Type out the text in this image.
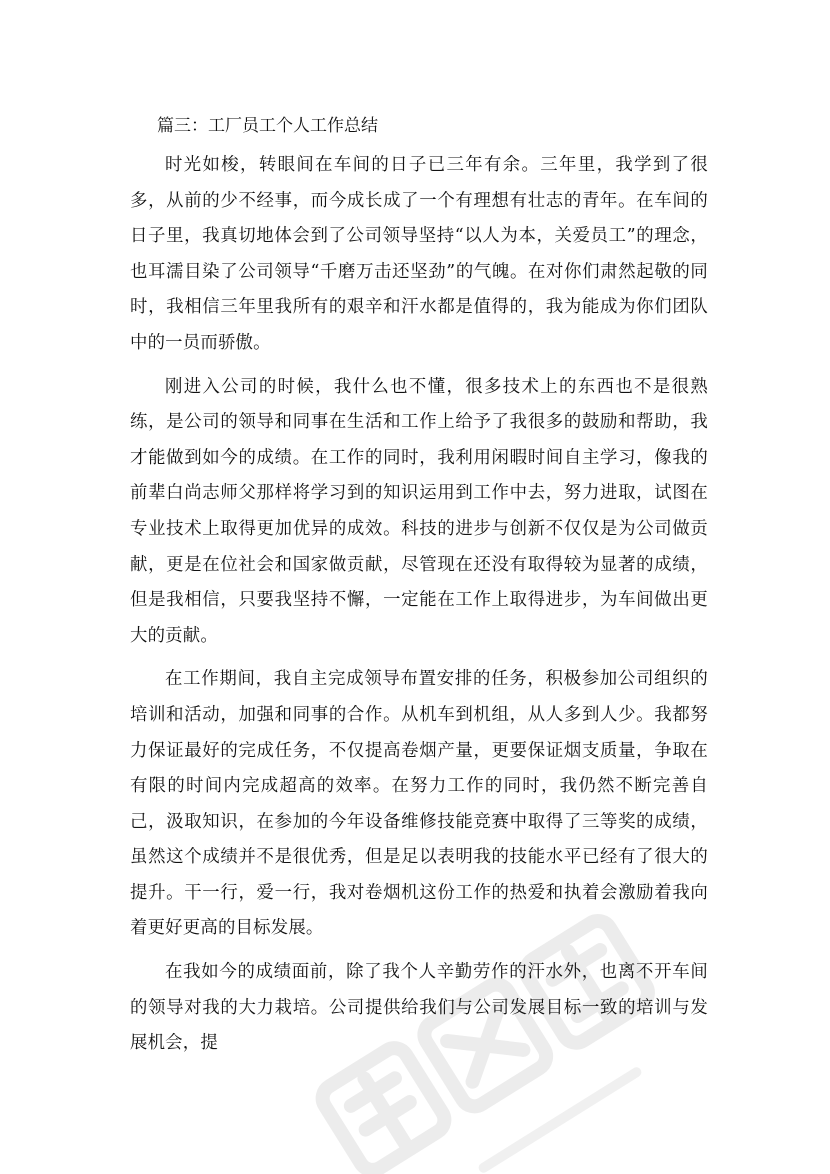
篇三：工厂员工个人工作总结

时光如梭，转眼间在车间的日子已三年有余。三年里，我学到了很多，从前的少不经事，而今成长成了一个有理想有壮志的青年。在车间的日子里，我真切地体会到了公司领导坚持“以人为本，关爱员工”的理念，也耳濡目染了公司领导“千磨万击还坚劲”的气魄。在对你们肃然起敬的同时，我相信三年里我所有的艰辛和汗水都是值得的，我为能成为你们团队中的一员而骄傲。

刚进入公司的时候，我什么也不懂，很多技术上的东西也不是很熟练，是公司的领导和同事在生活和工作上给予了我很多的鼓励和帮助，我才能做到如今的成绩。在工作的同时，我利用闲暇时间自主学习，像我的前辈白尚志师父那样将学习到的知识运用到工作中去，努力进取，试图在专业技术上取得更加优异的成效。科技的进步与创新不仅仅是为公司做贡献，更是在位社会和国家做贡献，尽管现在还没有取得较为显著的成绩，但是我相信，只要我坚持不懈，一定能在工作上取得进步，为车间做出更大的贡献。

在工作期间，我自主完成领导布置安排的任务，积极参加公司组织的培训和活动，加强和同事的合作。从机车到机组，从人多到人少。我都努力保证最好的完成任务，不仅提高卷烟产量，更要保证烟支质量，争取在有限的时间内完成超高的效率。在努力工作的同时，我仍然不断完善自己，汲取知识，在参加的今年设备维修技能竞赛中取得了三等奖的成绩，虽然这个成绩并不是很优秀，但是足以表明我的技能水平已经有了很大的提升。干一行，爱一行，我对卷烟机这份工作的热爱和执着会激励着我向着更好更高的目标发展。

在我如今的成绩面前，除了我个人辛勤劳作的汗水外，也离不开车间的领导对我的大力栽培。公司提供给我们与公司发展目标一致的培训与发展机会，提
